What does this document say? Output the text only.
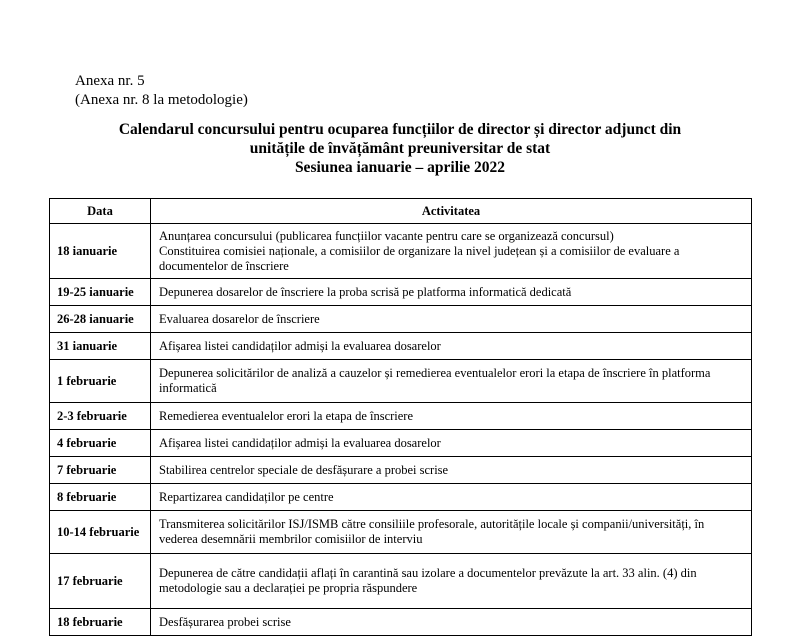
Anexa nr. 5
(Anexa nr. 8 la metodologie)
Calendarul concursului pentru ocuparea funcțiilor de director și director adjunct din
unitățile de învățământ preuniversitar de stat
Sesiunea ianuarie – aprilie 2022
Data	Activitatea
18 ianuarie	Anunțarea concursului (publicarea funcțiilor vacante pentru care se organizează concursul)
Constituirea comisiei naționale, a comisiilor de organizare la nivel județean și a comisiilor de evaluare a documentelor de înscriere

19-25 ianuarie	Depunerea dosarelor de înscriere la proba scrisă pe platforma informatică dedicată
26-28 ianuarie	Evaluarea dosarelor de înscriere
31 ianuarie	Afișarea listei candidaților admiși la evaluarea dosarelor
1 februarie	Depunerea solicitărilor de analiză a cauzelor și remedierea eventualelor erori la etapa de înscriere în platforma informatică
2-3 februarie	Remedierea eventualelor erori la etapa de înscriere
4 februarie	Afișarea listei candidaților admiși la evaluarea dosarelor
7 februarie	Stabilirea centrelor speciale de desfășurare a probei scrise
8 februarie	Repartizarea candidaților pe centre
10-14 februarie	Transmiterea solicitărilor ISJ/ISMB către consiliile profesorale, autoritățile locale și companii/universități, în vederea desemnării membrilor comisiilor de interviu
17 februarie	Depunerea de către candidații aflați în carantină sau izolare a documentelor prevăzute la art. 33 alin. (4) din metodologie sau a declarației pe propria răspundere
18 februarie	Desfășurarea probei scrise
